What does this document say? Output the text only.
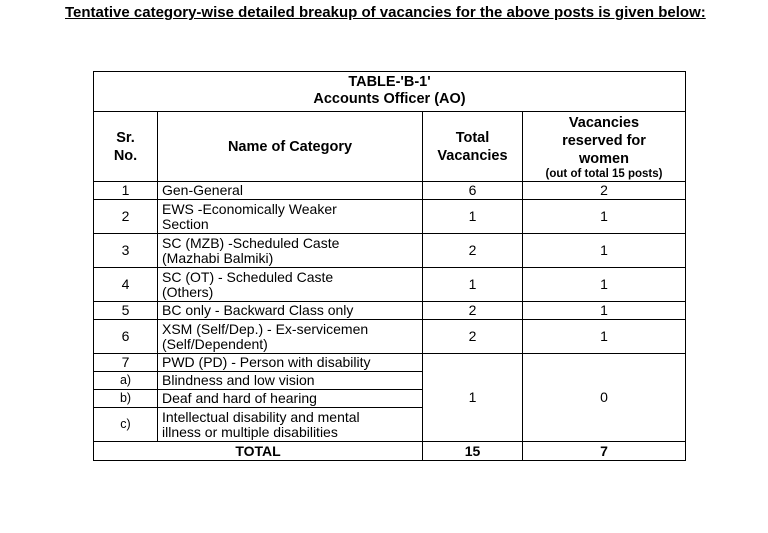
Tentative category-wise detailed breakup of vacancies for the above posts is given below:
TABLE-'B-1'
Accounts Officer (AO)			

Sr. No.	Name of Category	Total Vacancies	Vacancies reserved for women
(out of total 15 posts)

1	Gen-General	6	2
2	EWS -Economically Weaker Section	1	1
3	SC (MZB) -Scheduled Caste (Mazhabi Balmiki)	2	1
4	SC (OT) - Scheduled Caste (Others)	1	1
5	BC only - Backward Class only	2	1
6	XSM (Self/Dep.) - Ex-servicemen (Self/Dependent)	2	1
7	PWD (PD) - Person with disability	1	0
a)	Blindness and low vision		
b)	Deaf and hard of hearing		
c)	Intellectual disability and mental illness or multiple disabilities		
TOTAL		15	7
